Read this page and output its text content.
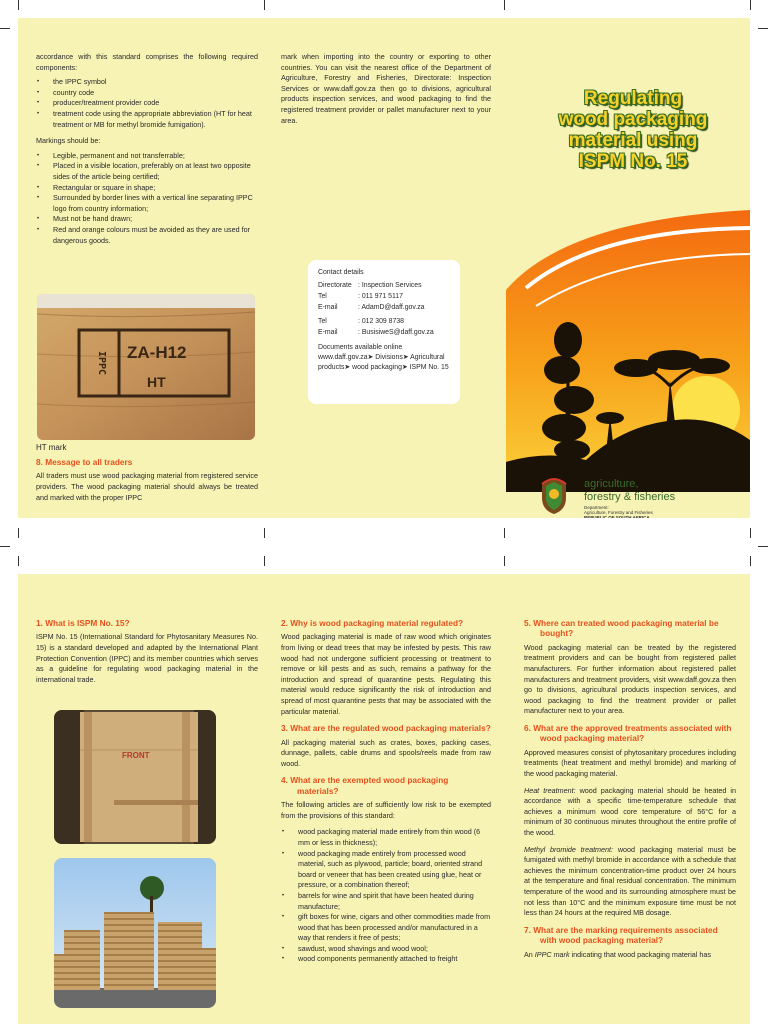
accordance with this standard comprises the following required components:

• the IPPC symbol
• country code
• producer/treatment provider code
• treatment code using the appropriate abbreviation (HT for heat treatment or MB for methyl bromide fumigation).

Markings should be:

• Legible, permanent and not transferrable;
• Placed in a visible location, preferably on at least two opposite sides of the article being certified;
• Rectangular or square in shape;
• Surrounded by border lines with a vertical line separating IPPC logo from country information;
• Must not be hand drawn;
• Red and orange colours must be avoided as they are used for dangerous goods.
IPPC ZA-H12
HT
HT mark
8. Message to all traders

All traders must use wood packaging material from registered service providers. The wood packaging material should always be treated and marked with the proper IPPC

mark when importing into the country or exporting to other countries. You can visit the nearest office of the Department of Agriculture, Forestry and Fisheries, Directorate: Inspection Services or www.daff.gov.za then go to divisions, agricultural products inspection services, and wood packaging to find the registered treatment provider or pallet manufacturer next to your area.

Contact details
Directorate : Inspection Services
Tel	: 011 971 5117
E-mail	: AdamD@daff.gov.za
Tel	: 012 309 8738
E-mail	: BusisiweS@daff.gov.za
Documents available online
www.daff.gov.za➤ Divisions➤ Agricultural products➤ wood packaging➤ ISPM No. 15
Regulating
wood packaging
material using
ISPM No. 15
agriculture,
forestry & fisheries
Department:
Agriculture, Forestry and Fisheries
REPUBLIC OF SOUTH AFRICA
1. What is ISPM No. 15?

ISPM No. 15 (International Standard for Phytosanitary Measures No. 15) is a standard developed and adapted by the International Plant Protection Convention (IPPC) and its member countries which serves as a guideline for regulating wood packaging material in the international trade.

FRONT
2. Why is wood packaging material regulated?

Wood packaging material is made of raw wood which originates from living or dead trees that may be infested by pests. This raw wood had not undergone sufficient processing or treatment to remove or kill pests and as such, remains a pathway for the introduction and spread of quarantine pests. Regulating this material would reduce significantly the risk of introduction and spread of most quarantine pests that may be associated with the particular material.

3. What are the regulated wood packaging materials?

All packaging material such as crates, boxes, packing cases, dunnage, pallets, cable drums and spools/reels made from raw wood.

4. What are the exempted wood packaging materials?

The following articles are of sufficiently low risk to be exempted from the provisions of this standard:

• wood packaging material made entirely from thin wood (6 mm or less in thickness);
• wood packaging made entirely from processed wood material, such as plywood, particle; board, oriented strand board or veneer that has been created using glue, heat or pressure, or a combination thereof;
• barrels for wine and spirit that have been heated during manufacture;
• gift boxes for wine, cigars and other commodities made from wood that has been processed and/or manufactured in a way that renders it free of pests;
• sawdust, wood shavings and wood wool;
• wood components permanently attached to freight
5. Where can treated wood packaging material be bought?

Wood packaging material can be treated by the registered treatment providers and can be bought from registered pallet manufacturers. For further information about registered pallet manufacturers and treatment providers, visit www.daff.gov.za then go to divisions, agricultural products inspection services, and wood packaging to find the treatment provider or pallet manufacturer next to your area.

6. What are the approved treatments associated with wood packaging material?

Approved measures consist of phytosanitary procedures including treatments (heat treatment and methyl bromide) and marking of the wood packaging material.

Heat treatment: wood packaging material should be heated in accordance with a specific time-temperature schedule that achieves a minimum wood core temperature of 56°C for a minimum of 30 continuous minutes throughout the entire profile of the wood.

Methyl bromide treatment: wood packaging material must be fumigated with methyl bromide in accordance with a schedule that achieves the minimum concentration-time product over 24 hours at the temperature and final residual concentration. The minimum temperature of the wood and its surrounding atmosphere must be not less than 10°C and the minimum exposure time must be not less than 24 hours at the required MB dosage.

7. What are the marking requirements associated with wood packaging material?

An IPPC mark indicating that wood packaging material has
